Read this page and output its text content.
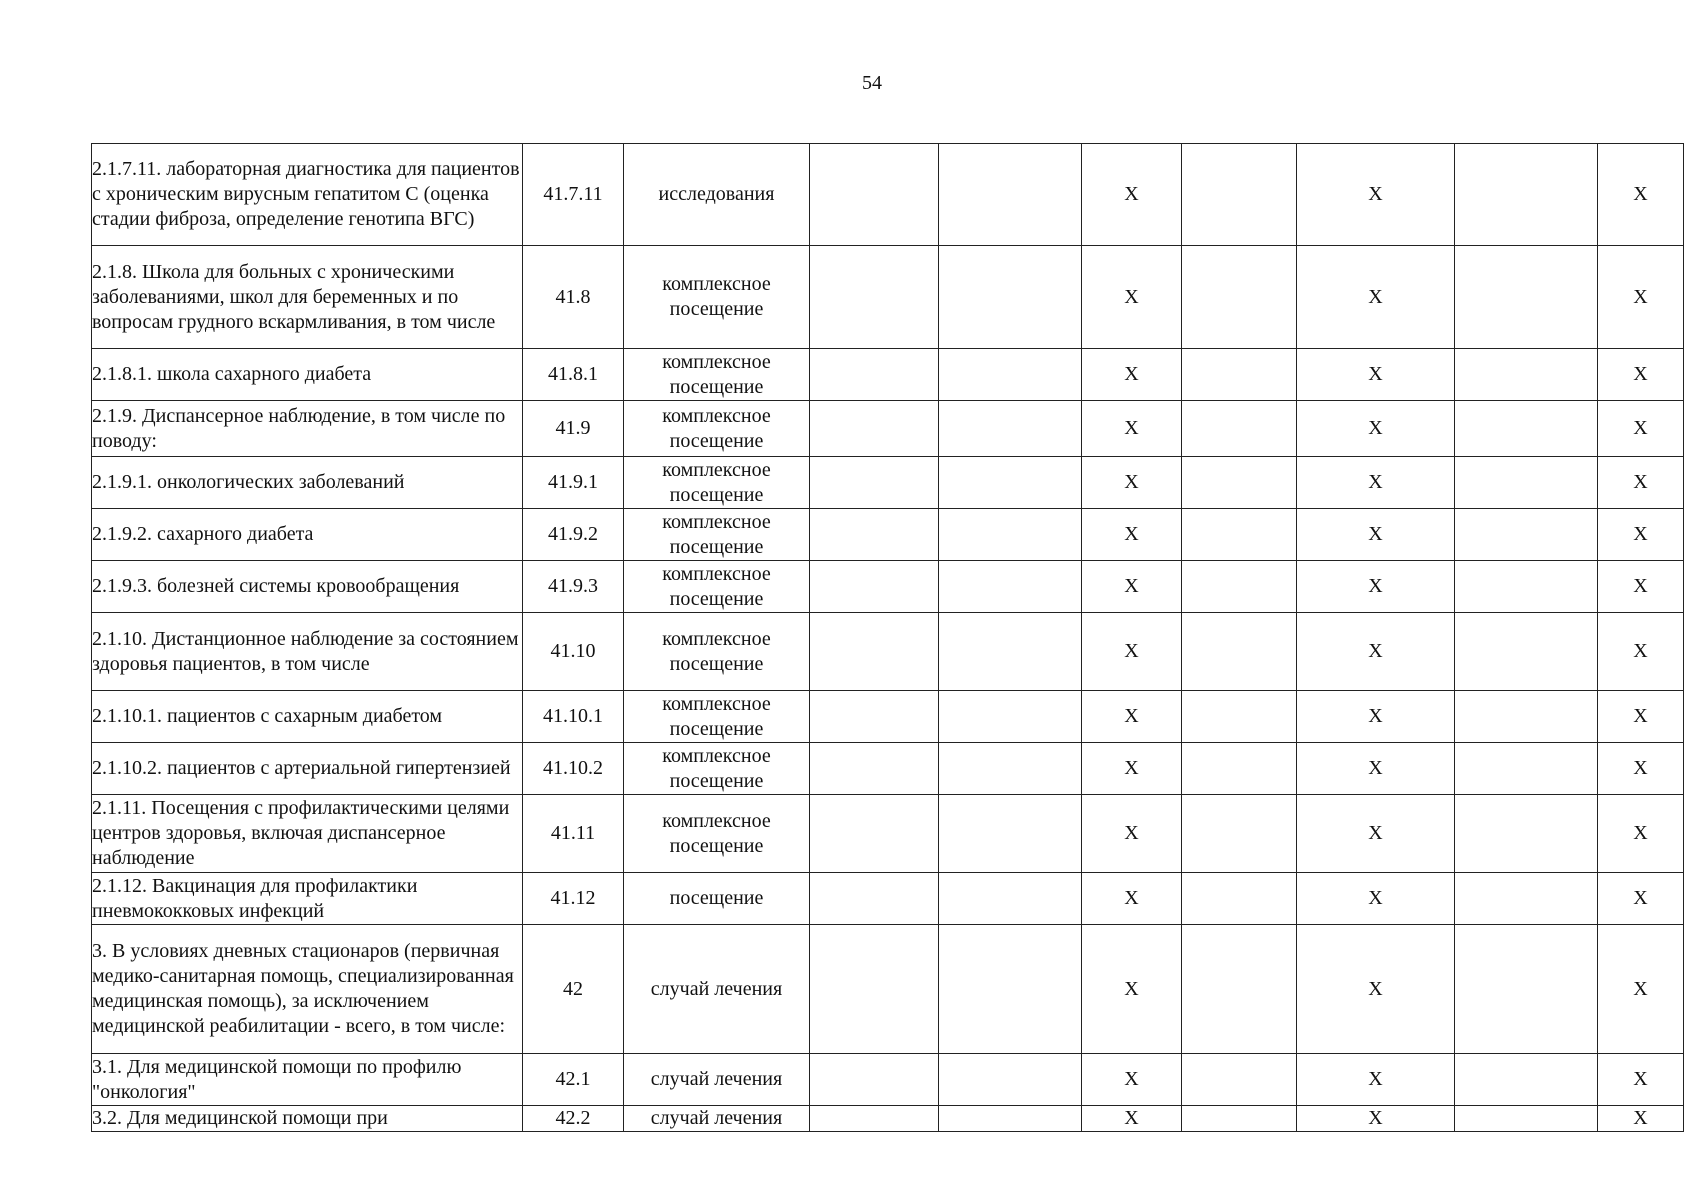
54
2.1.7.11. лабораторная диагностика для пациентов с хроническим вирусным гепатитом С (оценка стадии фиброза, определение генотипа ВГС)	41.7.11	исследования			Х		Х		Х
2.1.8. Школа для больных с хроническими заболеваниями, школ для беременных и по вопросам грудного вскармливания, в том числе	41.8	комплексное посещение			Х		Х		Х
2.1.8.1. школа сахарного диабета	41.8.1	комплексное посещение			Х		Х		Х
2.1.9. Диспансерное наблюдение, в том числе по поводу:	41.9	комплексное посещение			Х		Х		Х
2.1.9.1. онкологических заболеваний	41.9.1	комплексное посещение			Х		Х		Х
2.1.9.2. сахарного диабета	41.9.2	комплексное посещение			Х		Х		Х
2.1.9.3. болезней системы кровообращения	41.9.3	комплексное посещение			Х		Х		Х
2.1.10. Дистанционное наблюдение за состоянием здоровья пациентов, в том числе	41.10	комплексное посещение			Х		Х		Х
2.1.10.1. пациентов с сахарным диабетом	41.10.1	комплексное посещение			Х		Х		Х
2.1.10.2. пациентов с артериальной гипертензией	41.10.2	комплексное посещение			Х		Х		Х
2.1.11. Посещения с профилактическими целями центров здоровья, включая диспансерное наблюдение	41.11	комплексное посещение			Х		Х		Х
2.1.12. Вакцинация для профилактики пневмококковых инфекций	41.12	посещение			Х		Х		Х
3. В условиях дневных стационаров (первичная медико-санитарная помощь, специализированная медицинская помощь), за исключением медицинской реабилитации - всего, в том числе:	42	случай лечения			Х		Х		Х
3.1. Для медицинской помощи по профилю "онкология"	42.1	случай лечения			Х		Х		Х
3.2. Для медицинской помощи при	42.2	случай лечения			Х		Х		Х
